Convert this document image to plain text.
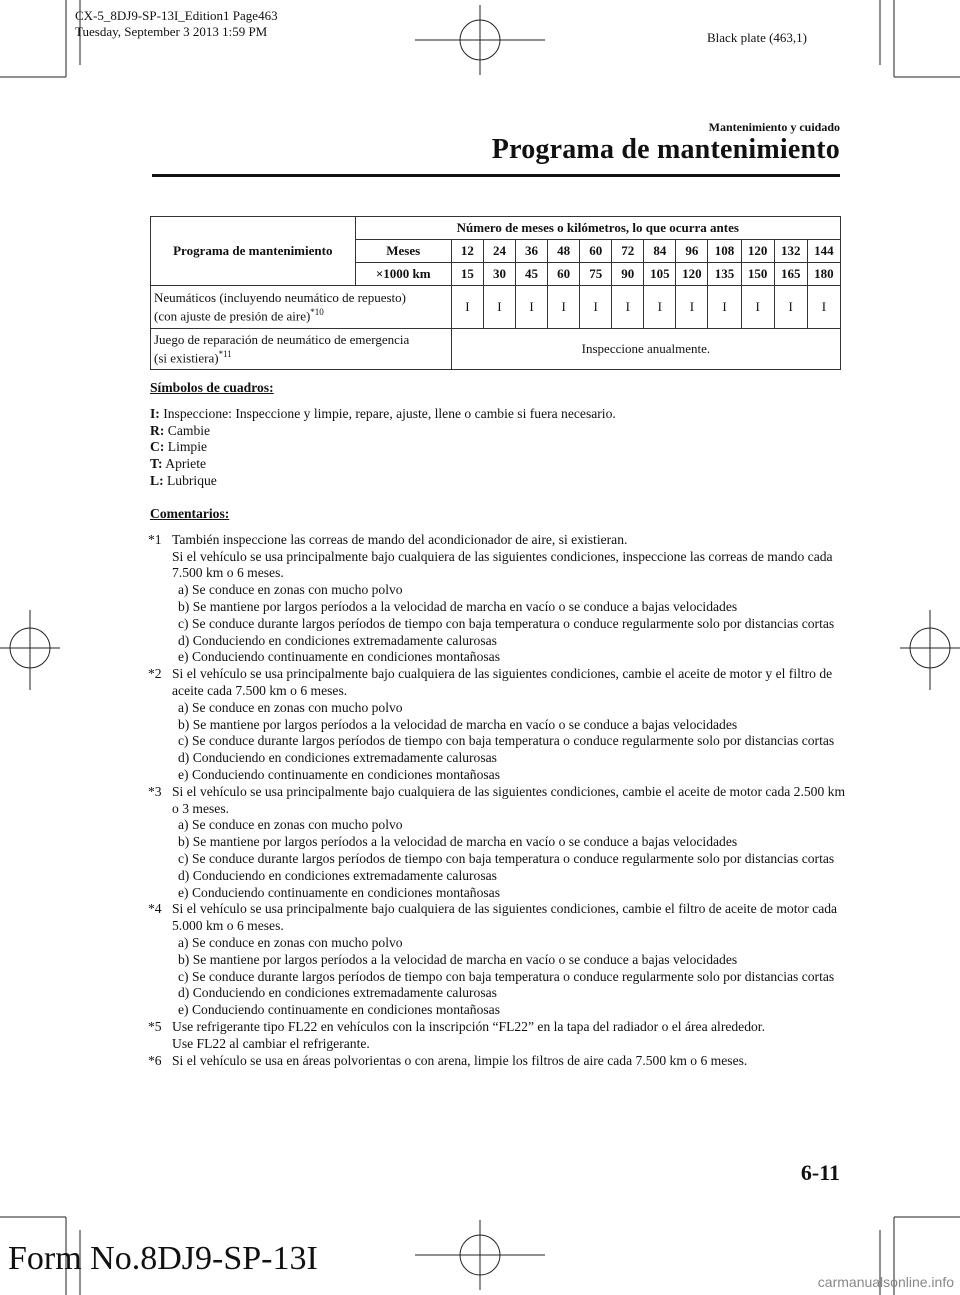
CX-5_8DJ9-SP-13I_Edition1 Page463
Tuesday, September 3 2013 1:59 PM	Black plate (463,1)
Mantenimiento y cuidado
Programa de mantenimiento
Programa de mantenimiento	Número de meses o kilómetros, lo que ocurra antes												
	Meses	12	24	36	48	60	72	84	96	108	120	132	144
	×1000 km	15	30	45	60	75	90	105	120	135	150	165	180
Neumáticos (incluyendo neumático de repuesto)
(con ajuste de presión de aire)$^{*10}$		I	I	I	I	I	I	I	I	I	I	I	I
Juego de reparación de neumático de emergencia
(si existiera)$^{*11}$		Inspeccione anualmente.											

Símbolos de cuadros:

I: Inspeccione: Inspeccione y limpie, repare, ajuste, llene o cambie si fuera necesario.

R: Cambie

C: Limpie

T: Apriete

L: Lubrique

Comentarios:

*1 También inspeccione las correas de mando del acondicionador de aire, si existieran.

Si el vehículo se usa principalmente bajo cualquiera de las siguientes condiciones, inspeccione las correas de mando cada 7.500 km o 6 meses.

a) Se conduce en zonas con mucho polvo

b) Se mantiene por largos períodos a la velocidad de marcha en vacío o se conduce a bajas velocidades

c) Se conduce durante largos períodos de tiempo con baja temperatura o conduce regularmente solo por distancias cortas

d) Conduciendo en condiciones extremadamente calurosas

e) Conduciendo continuamente en condiciones montañosas

*2 Si el vehículo se usa principalmente bajo cualquiera de las siguientes condiciones, cambie el aceite de motor y el filtro de aceite cada 7.500 km o 6 meses.

a) Se conduce en zonas con mucho polvo

b) Se mantiene por largos períodos a la velocidad de marcha en vacío o se conduce a bajas velocidades

c) Se conduce durante largos períodos de tiempo con baja temperatura o conduce regularmente solo por distancias cortas

d) Conduciendo en condiciones extremadamente calurosas

e) Conduciendo continuamente en condiciones montañosas

*3 Si el vehículo se usa principalmente bajo cualquiera de las siguientes condiciones, cambie el aceite de motor cada 2.500 km o 3 meses.

a) Se conduce en zonas con mucho polvo

b) Se mantiene por largos períodos a la velocidad de marcha en vacío o se conduce a bajas velocidades

c) Se conduce durante largos períodos de tiempo con baja temperatura o conduce regularmente solo por distancias cortas

d) Conduciendo en condiciones extremadamente calurosas

e) Conduciendo continuamente en condiciones montañosas

*4 Si el vehículo se usa principalmente bajo cualquiera de las siguientes condiciones, cambie el filtro de aceite de motor cada 5.000 km o 6 meses.

a) Se conduce en zonas con mucho polvo

b) Se mantiene por largos períodos a la velocidad de marcha en vacío o se conduce a bajas velocidades

c) Se conduce durante largos períodos de tiempo con baja temperatura o conduce regularmente solo por distancias cortas

d) Conduciendo en condiciones extremadamente calurosas

e) Conduciendo continuamente en condiciones montañosas

*5 Use refrigerante tipo FL22 en vehículos con la inscripción “FL22” en la tapa del radiador o el área alrededor.

Use FL22 al cambiar el refrigerante.

*6 Si el vehículo se usa en áreas polvorientas o con arena, limpie los filtros de aire cada 7.500 km o 6 meses.

6-11
Form No.8DJ9-SP-13I
carmanualsonline.info
